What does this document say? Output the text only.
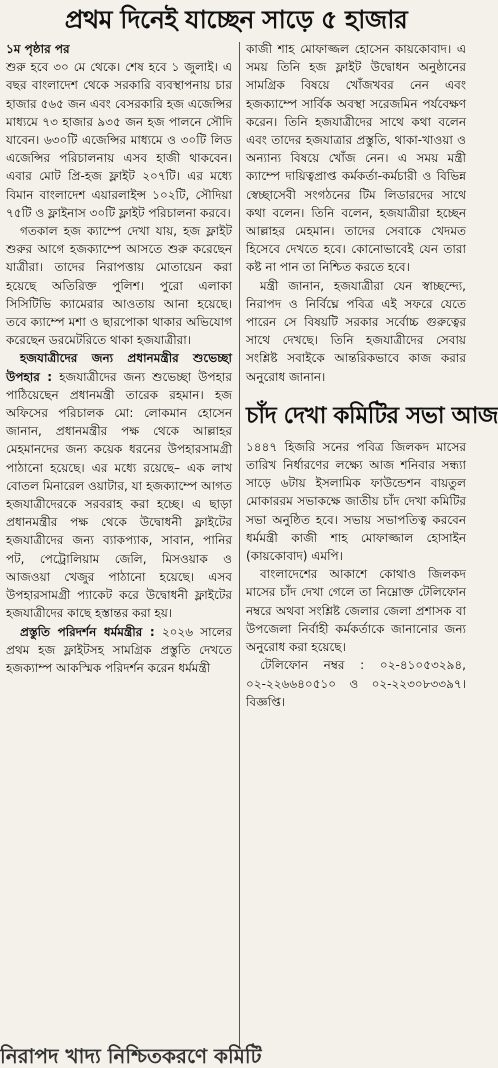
প্রথম দিনেই যাচ্ছেন সাড়ে ৫ হাজার

১ম পৃষ্ঠার পর

শুরু হবে ৩০ মে থেকে। শেষ হবে ১ জুলাই। এ বছর বাংলাদেশ থেকে সরকারি ব্যবস্থাপনায় চার হাজার ৫৬৫ জন এবং বেসরকারি হজ এজেন্সির মাধ্যমে ৭৩ হাজার ৯৩৫ জন হজ পালনে সৌদি যাবেন। ৬৩০টি এজেন্সির মাধ্যমে ও ৩০টি লিড এজেন্সির পরিচালনায় এসব হাজী থাকবেন। এবার মোট প্রি-হজ ফ্লাইট ২০৭টি। এর মধ্যে বিমান বাংলাদেশ এয়ারলাইন্স ১০২টি, সৌদিয়া ৭৫টি ও ফ্লাইনাস ৩০টি ফ্লাইট পরিচালনা করবে।

গতকাল হজ ক্যাম্পে দেখা যায়, হজ ফ্লাইট শুরুর আগে হজক্যাম্পে আসতে শুরু করেছেন যাত্রীরা। তাদের নিরাপত্তায় মোতায়েন করা হয়েছে অতিরিক্ত পুলিশ। পুরো এলাকা সিসিটিভি ক্যামেরার আওতায় আনা হয়েছে। তবে ক্যাম্পে মশা ও ছারপোকা থাকার অভিযোগ করেছেন ডরমেটরিতে থাকা হজযাত্রীরা।

হজযাত্রীদের জন্য প্রধানমন্ত্রীর শুভেচ্ছা উপহার : হজযাত্রীদের জন্য শুভেচ্ছা উপহার পাঠিয়েছেন প্রধানমন্ত্রী তারেক রহমান। হজ অফিসের পরিচালক মো: লোকমান হোসেন জানান, প্রধানমন্ত্রীর পক্ষ থেকে আল্লাহর মেহমানদের জন্য কয়েক ধরনের উপহারসামগ্রী পাঠানো হয়েছে। এর মধ্যে রয়েছে– এক লাখ বোতল মিনারেল ওয়াটার, যা হজক্যাম্পে আগত হজযাত্রীদেরকে সরবরাহ করা হচ্ছে। এ ছাড়া প্রধানমন্ত্রীর পক্ষ থেকে উদ্বোধনী ফ্লাইটের হজযাত্রীদের জন্য ব্যাকপ্যাক, সাবান, পানির পট, পেট্রোলিয়াম জেলি, মিসওয়াক ও আজওয়া খেজুর পাঠানো হয়েছে। এসব উপহারসামগ্রী প্যাকেট করে উদ্বোধনী ফ্লাইটের হজযাত্রীদের কাছে হস্তান্তর করা হয়।

প্রস্তুতি পরিদর্শন ধর্মমন্ত্রীর : ২০২৬ সালের প্রথম হজ ফ্লাইটসহ সামগ্রিক প্রস্তুতি দেখতে হজক্যাম্প আকস্মিক পরিদর্শন করেন ধর্মমন্ত্রী

কাজী শাহ মোফাজ্জল হোসেন কায়কোবাদ। এ সময় তিনি হজ ফ্লাইট উদ্বোধন অনুষ্ঠানের সামগ্রিক বিষয়ে খোঁজখবর নেন এবং হজক্যাম্পে সার্বিক অবস্থা সরেজমিন পর্যবেক্ষণ করেন। তিনি হজযাত্রীদের সাথে কথা বলেন এবং তাদের হজযাত্রার প্রস্তুতি, থাকা-খাওয়া ও অন্যান্য বিষয়ে খোঁজ নেন। এ সময় মন্ত্রী ক্যাম্পে দায়িত্বপ্রাপ্ত কর্মকর্তা-কর্মচারী ও বিভিন্ন স্বেচ্ছাসেবী সংগঠনের টিম লিডারদের সাথে কথা বলেন। তিনি বলেন, হজযাত্রীরা হচ্ছেন আল্লাহর মেহমান। তাদের সেবাকে খেদমত হিসেবে দেখতে হবে। কোনোভাবেই যেন তারা কষ্ট না পান তা নিশ্চিত করতে হবে।

মন্ত্রী জানান, হজযাত্রীরা যেন স্বাচ্ছন্দ্যে, নিরাপদ ও নির্বিঘ্নে পবিত্র এই সফরে যেতে পারেন সে বিষয়টি সরকার সর্বোচ্চ গুরুত্বের সাথে দেখছে। তিনি হজযাত্রীদের সেবায় সংশ্লিষ্ট সবাইকে আন্তরিকভাবে কাজ করার অনুরোধ জানান।

চাঁদ দেখা কমিটির সভা আজ

১৪৪৭ হিজরি সনের পবিত্র জিলকদ মাসের তারিখ নির্ধারণের লক্ষ্যে আজ শনিবার সন্ধ্যা সাড়ে ৬টায় ইসলামিক ফাউন্ডেশন বায়তুল মোকাররম সভাকক্ষে জাতীয় চাঁদ দেখা কমিটির সভা অনুষ্ঠিত হবে। সভায় সভাপতিত্ব করবেন ধর্মমন্ত্রী কাজী শাহ মোফাজ্জাল হোসাইন (কায়কোবাদ) এমপি।

বাংলাদেশের আকাশে কোথাও জিলকদ মাসের চাঁদ দেখা গেলে তা নিম্নোক্ত টেলিফোন নম্বরে অথবা সংশ্লিষ্ট জেলার জেলা প্রশাসক বা উপজেলা নির্বাহী কর্মকর্তাকে জানানোর জন্য অনুরোধ করা হয়েছে।

টেলিফোন নম্বর : ০২-৪১০৫৩২৯৪, ০২-২২৬৬৪০৫১০ ও ০২-২২৩০৮৩৩৯৭। বিজ্ঞপ্তি।

নিরাপদ খাদ্য নিশ্চিতকরণে কমিটি
